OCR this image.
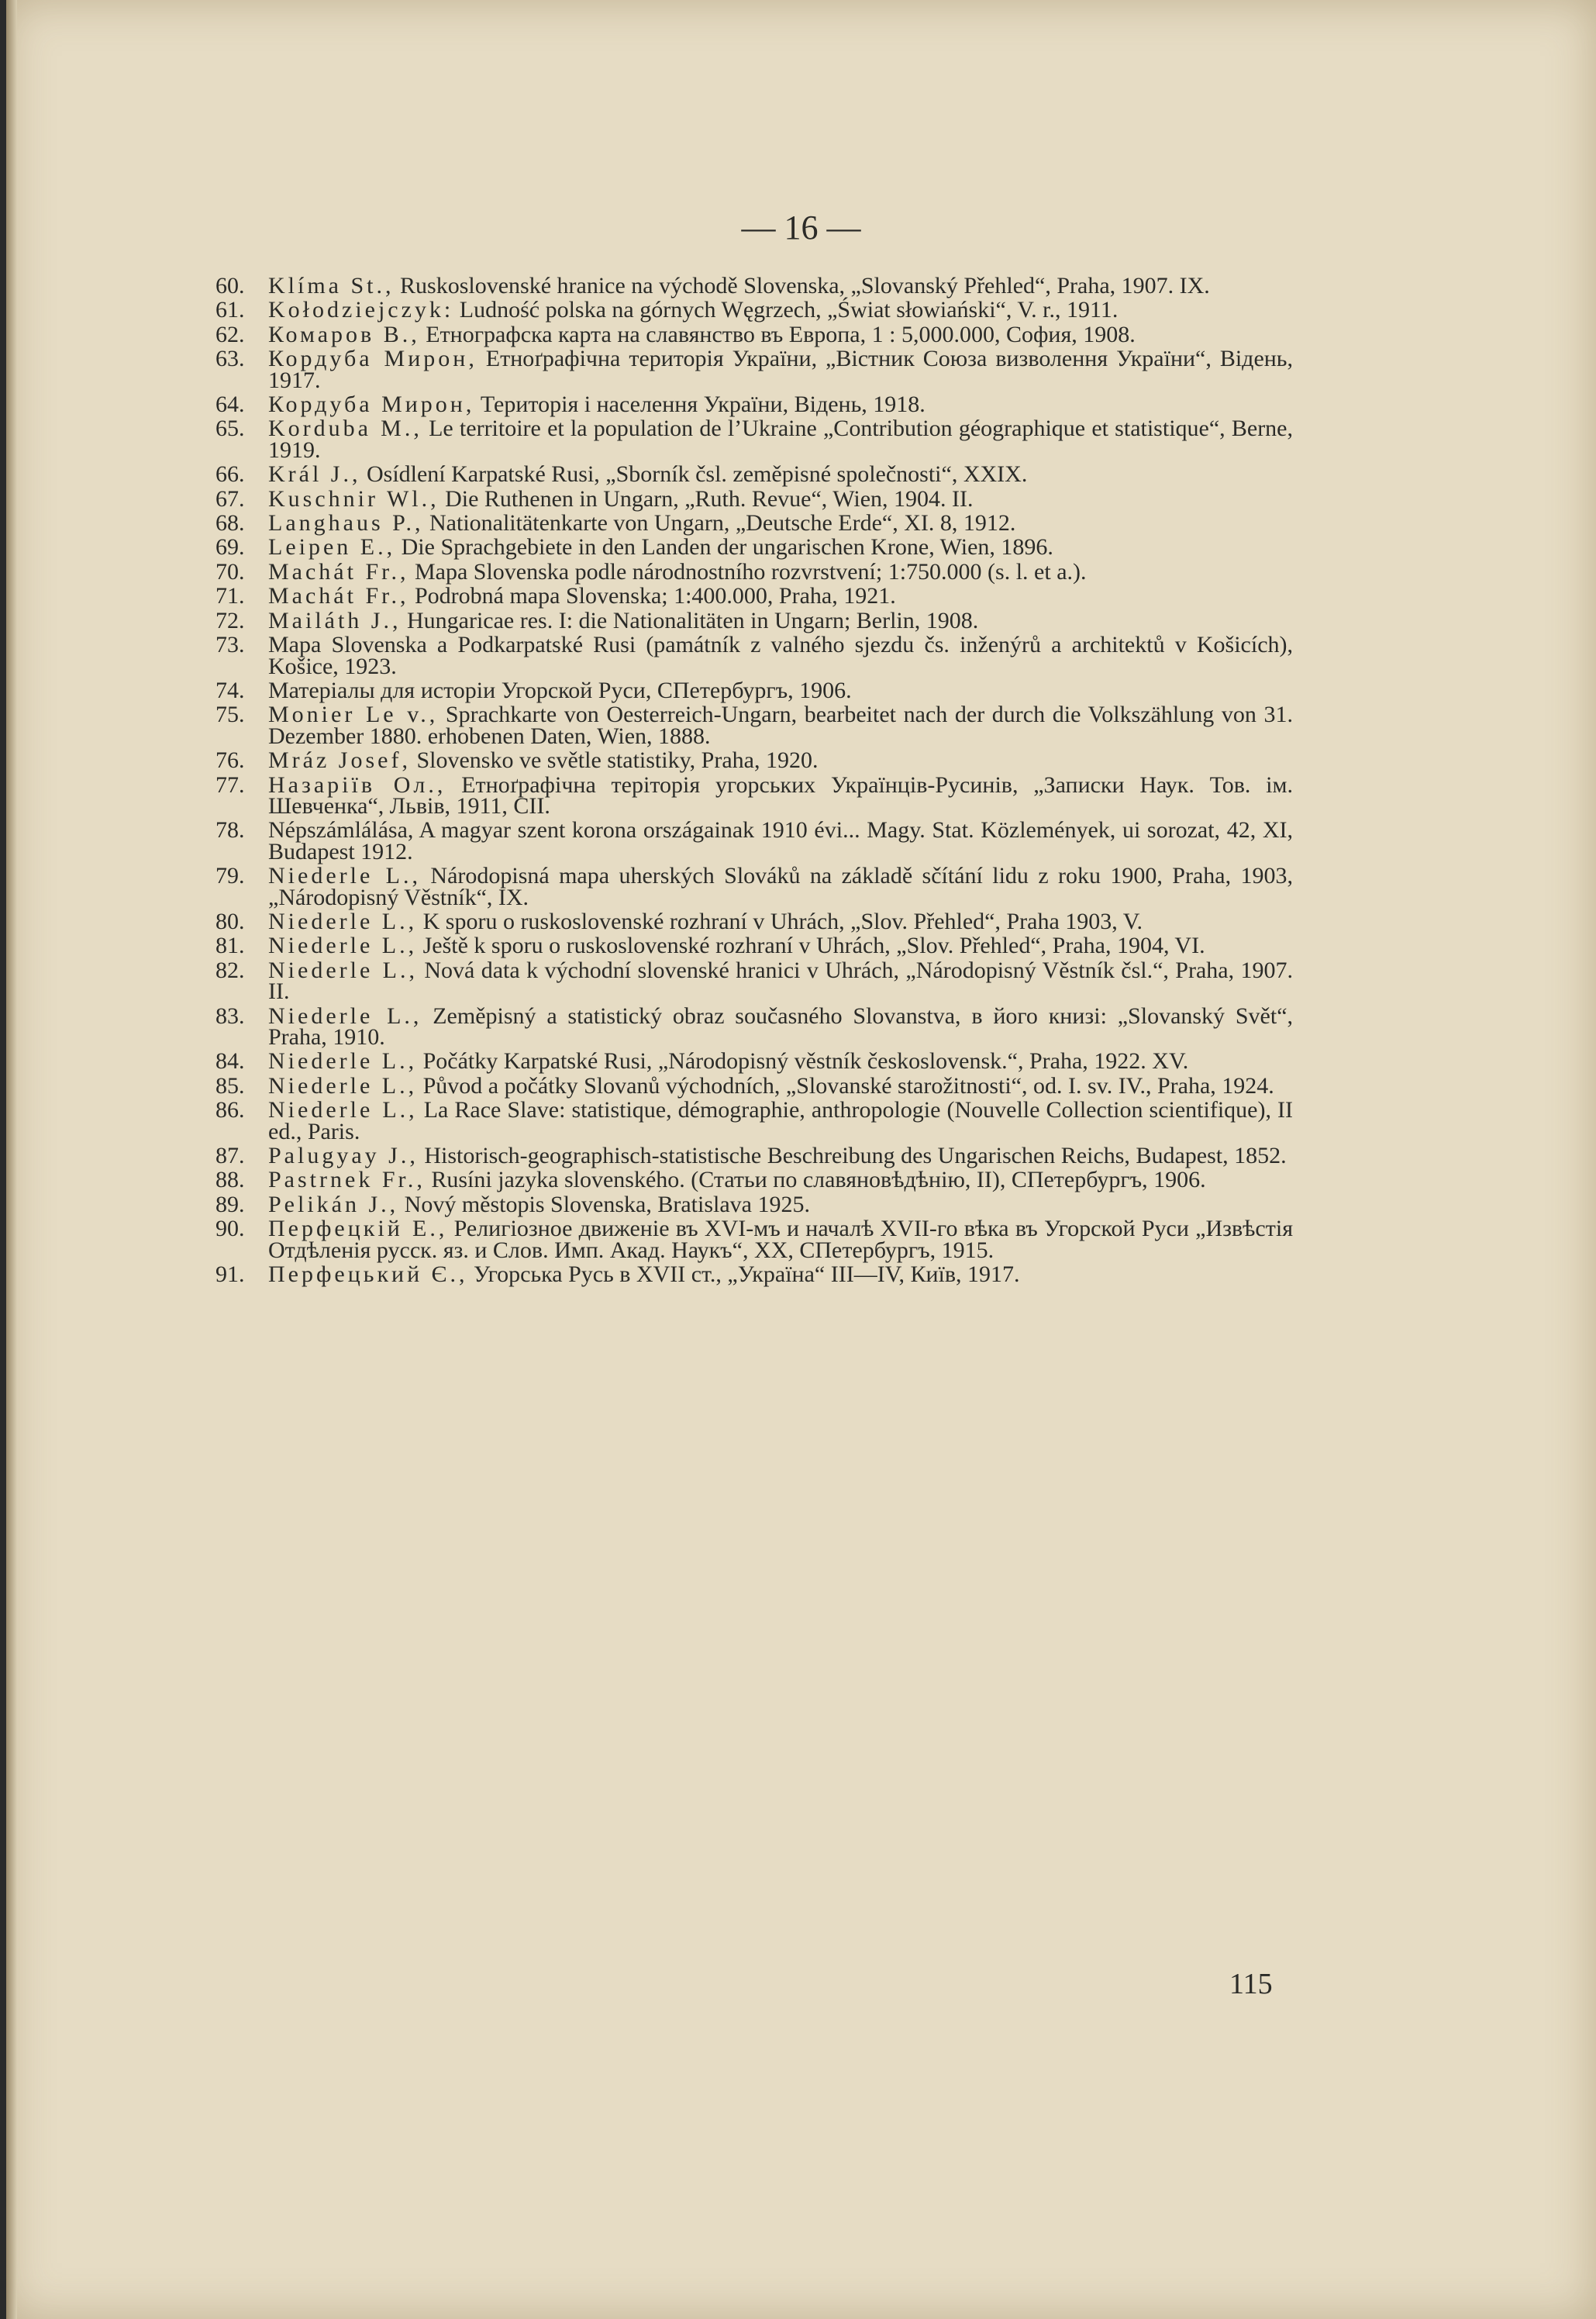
— 16 —
60. Klíma St., Ruskoslovenské hranice na východě Slovenska, „Slovanský Přehled“, Praha, 1907. IX.
61. Kołodziejczyk: Ludność polska na górnych Węgrzech, „Świat słowiański“, V. r., 1911.
62. Комаров В., Етнографска карта на славянство въ Европа, 1 : 5,000.000, София, 1908.
63. Кордуба Мирон, Етноґрафічна територія України, „Вістник Союза визволення України“, Відень, 1917.
64. Кордуба Мирон, Територія і населення України, Відень, 1918.
65. Korduba M., Le territoire et la population de l’Ukraine „Contribution géographique et statistique“, Berne, 1919.
66. Král J., Osídlení Karpatské Rusi, „Sborník čsl. zeměpisné společnosti“, XXIX.
67. Kuschnir Wl., Die Ruthenen in Ungarn, „Ruth. Revue“, Wien, 1904. II.
68. Langhaus P., Nationalitätenkarte von Ungarn, „Deutsche Erde“, XI. 8, 1912.
69. Leipen E., Die Sprachgebiete in den Landen der ungarischen Krone, Wien, 1896.
70. Machát Fr., Mapa Slovenska podle národnostního rozvrstvení; 1:750.000 (s. l. et a.).
71. Machát Fr., Podrobná mapa Slovenska; 1:400.000, Praha, 1921.
72. Mailáth J., Hungaricae res. I: die Nationalitäten in Ungarn; Berlin, 1908.
73. Mapa Slovenska a Podkarpatské Rusi (památník z valného sjezdu čs. inženýrů a architektů v Košicích), Košice, 1923.
74. Матеріалы для исторіи Угорской Руси, СПетербургъ, 1906.
75. Monier Le v., Sprachkarte von Oesterreich-Ungarn, bearbeitet nach der durch die Volkszählung von 31. Dezember 1880. erhobenen Daten, Wien, 1888.
76. Mráz Josef, Slovensko ve světle statistiky, Praha, 1920.
77. Назарiїв Ол., Етноґрафічна теріторія угорських Українців-Русинів, „Записки Наук. Тов. ім. Шевченка“, Львів, 1911, CII.
78. Népszámlálása, A magyar szent korona országainak 1910 évi... Magy. Stat. Közlemények, ui sorozat, 42, XI, Budapest 1912.
79. Niederle L., Národopisná mapa uherských Slováků na základě sčítání lidu z roku 1900, Praha, 1903, „Národopisný Věstník“, IX.
80. Niederle L., K sporu o ruskoslovenské rozhraní v Uhrách, „Slov. Přehled“, Praha 1903, V.
81. Niederle L., Ještě k sporu o ruskoslovenské rozhraní v Uhrách, „Slov. Přehled“, Praha, 1904, VI.
82. Niederle L., Nová data k východní slovenské hranici v Uhrách, „Národopisný Věstník čsl.“, Praha, 1907. II.
83. Niederle L., Zeměpisný a statistický obraz současného Slovanstva, в його книзі: „Slovanský Svět“, Praha, 1910.
84. Niederle L., Počátky Karpatské Rusi, „Národopisný věstník československ.“, Praha, 1922. XV.
85. Niederle L., Původ a počátky Slovanů východních, „Slovanské starožitnosti“, od. I. sv. IV., Praha, 1924.
86. Niederle L., La Race Slave: statistique, démographie, anthropologie (Nouvelle Collection scientifique), II ed., Paris.
87. Palugyay J., Historisch-geographisch-statistische Beschreibung des Ungarischen Reichs, Budapest, 1852.
88. Pastrnek Fr., Rusíni jazyka slovenského. (Статьи по славяновѣдѣнію, II), СПетербургъ, 1906.
89. Pelikán J., Nový městopis Slovenska, Bratislava 1925.
90. Перфецкій Е., Религіозное движеніе въ XVI-мъ и началѣ XVII-го вѣка въ Угорской Руси „Извѣстія Отдѣленія русск. яз. и Слов. Имп. Акад. Наукъ“, XX, СПетербургъ, 1915.
91. Перфецький Є., Угорська Русь в XVII ст., „Україна“ III—IV, Київ, 1917.
115
